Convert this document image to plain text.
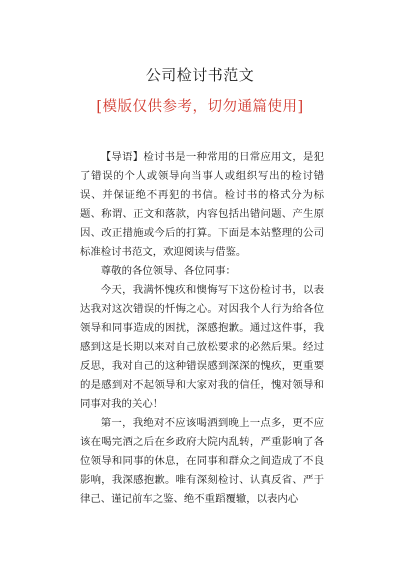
公司检讨书范文
[模版仅供参考，切勿通篇使用]

【导语】检讨书是一种常用的日常应用文，是犯了错误的个人或领导向当事人或组织写出的检讨错误、并保证绝不再犯的书信。检讨书的格式分为标题、称谓、正文和落款，内容包括出错问题、产生原因、改正措施或今后的打算。下面是本站整理的公司标准检讨书范文，欢迎阅读与借鉴。

尊敬的各位领导、各位同事：

今天，我满怀愧疚和懊悔写下这份检讨书，以表达我对这次错误的忏悔之心。对因我个人行为给各位领导和同事造成的困扰，深感抱歉。通过这件事，我感到这是长期以来对自己放松要求的必然后果。经过反思，我对自己的这种错误感到深深的愧疚，更重要的是感到对不起领导和大家对我的信任，愧对领导和同事对我的关心！

第一，我绝对不应该喝酒到晚上一点多，更不应该在喝完酒之后在乡政府大院内乱转，严重影响了各位领导和同事的休息，在同事和群众之间造成了不良影响，我深感抱歉。唯有深刻检讨、认真反省、严于律己、谨记前车之鉴、绝不重蹈覆辙，以表内心
